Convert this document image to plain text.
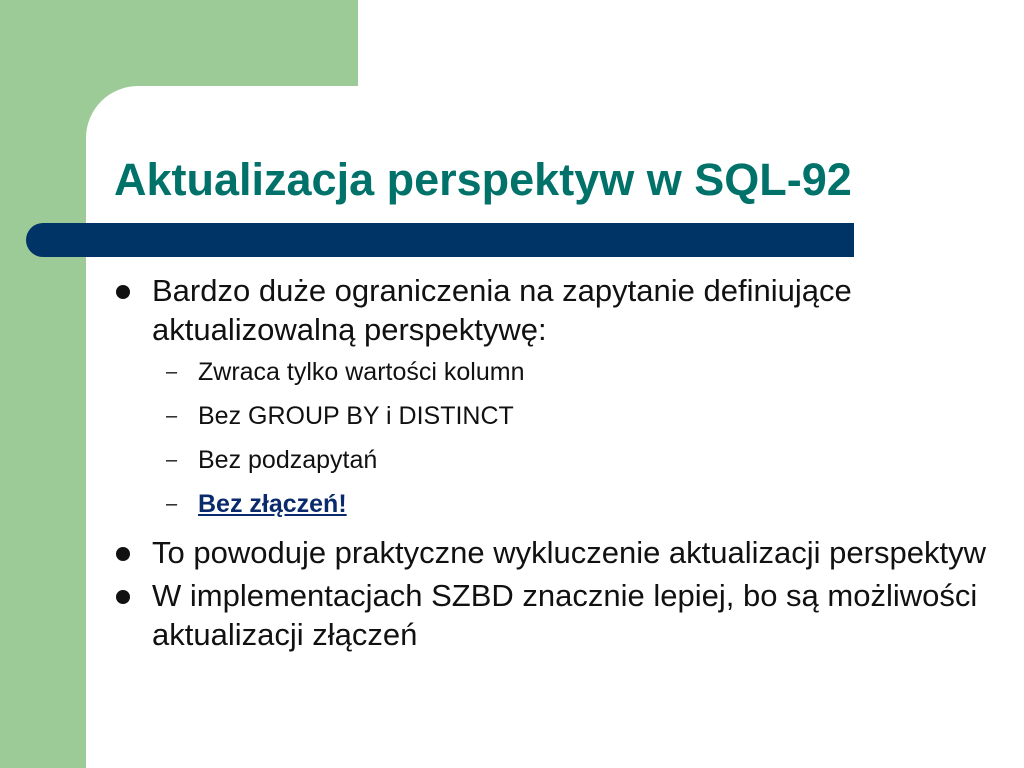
Aktualizacja perspektyw w SQL-92
Bardzo duże ograniczenia na zapytanie definiujące aktualizowalną perspektywę:
– Zwraca tylko wartości kolumn
– Bez GROUP BY i DISTINCT
– Bez podzapytań
– Bez złączeń!
To powoduje praktyczne wykluczenie aktualizacji perspektyw
W implementacjach SZBD znacznie lepiej, bo są możliwości aktualizacji złączeń
